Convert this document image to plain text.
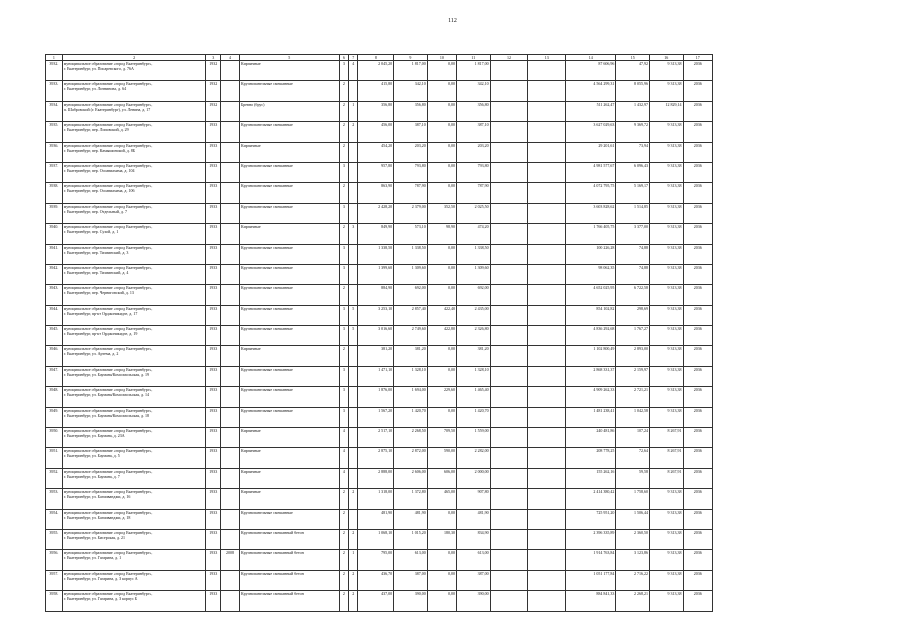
112
1	2	3	4	5	6	7	8	9	10	11	12	13	14	15	16	17
3932.	муниципальное образование «город Екатеринбург»,
г. Екатеринбург, ул. Писаревского, д. 76А	1932		Кирпичные	3	4	2 045,20	1 817,00	0,00	1 817,00			87 606,96	47,92	9 313,38	2036
3933.	муниципальное образование «город Екатеринбург»,
г. Екатеринбург, ул. Литвинова, д. 64	1932		Крупнопанельные смешанные	2		415,80	342,10	0,00	342,10			4 564 299,31	8 055,96	9 313,38	2036
3934.	муниципальное образование «город Екатеринбург»,
п. Шабровский (г. Екатеринбург), ул. Ленина, д. 17	1932		Бревно (брус)	2	1	356,80	356,80	0,00	356,80			511 262,47	1 432,97	12 829,14	2036
3935.	муниципальное образование «город Екатеринбург»,
г. Екатеринбург, пер. Липовский, д. 29	1933		Крупнопанельные смешанные	2	2	456,00	387,10	0,00	387,10			3 627 029,63	9 369,72	9 313,38	2036
3936.	муниципальное образование «город Екатеринбург»,
г. Екатеринбург, пер. Камышинский, д. 8Б	1933		Кирпичные	2		454,20	203,20	0,00	203,20			29 201,61	73,94	9 313,38	2036
3937.	муниципальное образование «город Екатеринбург»,
г. Екатеринбург, пер. Осоавиахима, д. 104	1933		Крупнопанельные смешанные	3		957,80	793,80	0,00	793,80			4 981 577,67	6 096,43	9 313,38	2036
3938.	муниципальное образование «город Екатеринбург»,
г. Екатеринбург, пер. Осоавиахима, д. 106	1933		Крупнопанельные смешанные	2		863,90	787,90	0,00	787,90			4 072 795,75	5 169,17	9 313,38	2036
3939.	муниципальное образование «город Екатеринбург»,
г. Екатеринбург, пер. Отдельный, д. 7	1933		Крупнопанельные смешанные	3		2 428,20	2 379,00	352,50	2 025,50			3 603 828,62	1 514,85	9 313,38	2036
3940.	муниципальное образование «город Екатеринбург»,
г. Екатеринбург, пер. Сухой, д. 1	1933		Кирпичные	2	3	849,90	573,10	98,90	474,20			1 766 405,75	3 377,00	9 313,38	2036
3941.	муниципальное образование «город Екатеринбург»,
г. Екатеринбург, пер. Тихвинский, д. 3	1933		Крупнопанельные смешанные	3		1 338,50	1 338,50	0,00	1 338,50			100 226,28	74,88	9 313,38	2036
3942.	муниципальное образование «город Екатеринбург»,
г. Екатеринбург, пер. Тихвинский, д. 4	1933		Крупнопанельные смешанные	3		1 399,60	1 309,60	0,00	1 309,60			98 062,35	74,88	9 313,38	2036
3943.	муниципальное образование «город Екатеринбург»,
г. Екатеринбург, пер. Черниговский, д. 13	1933		Крупнопанельные смешанные	2		884,90	692,00	0,00	692,00			4 652 025,95	6 722,58	9 313,38	2036
3944.	муниципальное образование «город Екатеринбург»,
г. Екатеринбург, пр-кт Орджоникидзе, д. 17	1933		Крупнопанельные смешанные	3	5	3 253,10	2 857,40	422,40	2 435,00			854 102,82	298,69	9 313,38	2036
3945.	муниципальное образование «город Екатеринбург»,
г. Екатеринбург, пр-кт Орджоникидзе, д. 19	1933		Крупнопанельные смешанные	3	5	3 016,60	2 749,60	422,80	2 326,80			4 836 292,68	1 767,27	9 313,38	2036
3946.	муниципальное образование «город Екатеринбург»,
г. Екатеринбург, ул. Артема, д. 2	1933		Кирпичные	2		381,20	381,20	0,00	381,20			1 102 800,49	2 893,00	9 313,38	2036
3947.	муниципальное образование «город Екатеринбург»,
г. Екатеринбург, ул. Баумана/Комсомольская, д. 19	1933		Крупнопанельные смешанные	3		1 471,10	1 328,10	0,00	1 328,10			2 868 331,37	2 159,97	9 313,38	2036
3948.	муниципальное образование «город Екатеринбург»,
г. Екатеринбург, ул. Баумана/Комсомольская, д. 14	1933		Крупнопанельные смешанные	3		1 876,00	1 694,00	229,60	1 465,40			4 909 262,33	2 721,21	9 313,38	2036
3949.	муниципальное образование «город Екатеринбург»,
г. Екатеринбург, ул. Баумана/Комсомольская, д. 18	1933		Крупнопанельные смешанные	3		1 567,20	1 420,70	0,00	1 420,70			1 481 238,41	1 042,58	9 313,38	2036
3950.	муниципальное образование «город Екатеринбург»,
г. Екатеринбург, ул. Баумана, д. 23А	1933		Кирпичные	4		2 517,10	2 268,50	709,50	1 559,00			240 481,86	107,24	8 267,91	2036
3951.	муниципальное образование «город Екатеринбург»,
г. Екатеринбург, ул. Баумана, д. 5	1933		Кирпичные	4		2 875,10	2 872,00	590,00	2 282,00			208 778,25	72,64	8 267,91	2036
3952.	муниципальное образование «город Екатеринбург»,
г. Екатеринбург, ул. Баумана, д. 7	1933		Кирпичные	4		2 888,00	2 606,00	606,00	2 000,00			155 262,16	59,58	8 267,91	2036
3953.	муниципальное образование «город Екатеринбург»,
г. Екатеринбург, ул. Бахчиванджи, д. 16	1933		Кирпичные	2	2	1 318,00	1 372,80	465,00	907,80			2 414 380,42	1 758,60	9 313,38	2036
3954.	муниципальное образование «город Екатеринбург»,
г. Екатеринбург, ул. Бахчиванджи, д. 18	1933		Крупнопанельные смешанные	2		481,90	481,90	0,00	481,90			725 951,20	1 506,44	9 313,38	2036
3955.	муниципальное образование «город Екатеринбург»,
г. Екатеринбург, ул. Бисерская, д. 21	1933		Крупнопанельные смешанный бетон	2	2	1 068,10	1 015,20	180,30	834,90			2 396 335,89	2 360,50	9 313,38	2036
3956.	муниципальное образование «город Екатеринбург»,
г. Екатеринбург, ул. Гагарина, д. 1	1933	2008	Крупнопанельные смешанный бетон	2	1	795,00	613,00	0,00	613,00			1 914 763,84	3 123,86	9 313,38	2036
3957.	муниципальное образование «город Екатеринбург»,
г. Екатеринбург, ул. Гагарина, д. 3 корпус А	1933		Крупнопанельные смешанный бетон	2	2	436,70	387,00	0,00	387,00			1 051 177,84	2 716,22	9 313,38	2036
3958.	муниципальное образование «город Екатеринбург»,
г. Екатеринбург, ул. Гагарина, д. 3 корпус Б	1933		Крупнопанельные смешанный бетон	2	2	437,00	390,00	0,00	390,00			884 841,33	2 268,21	9 313,38	2036
